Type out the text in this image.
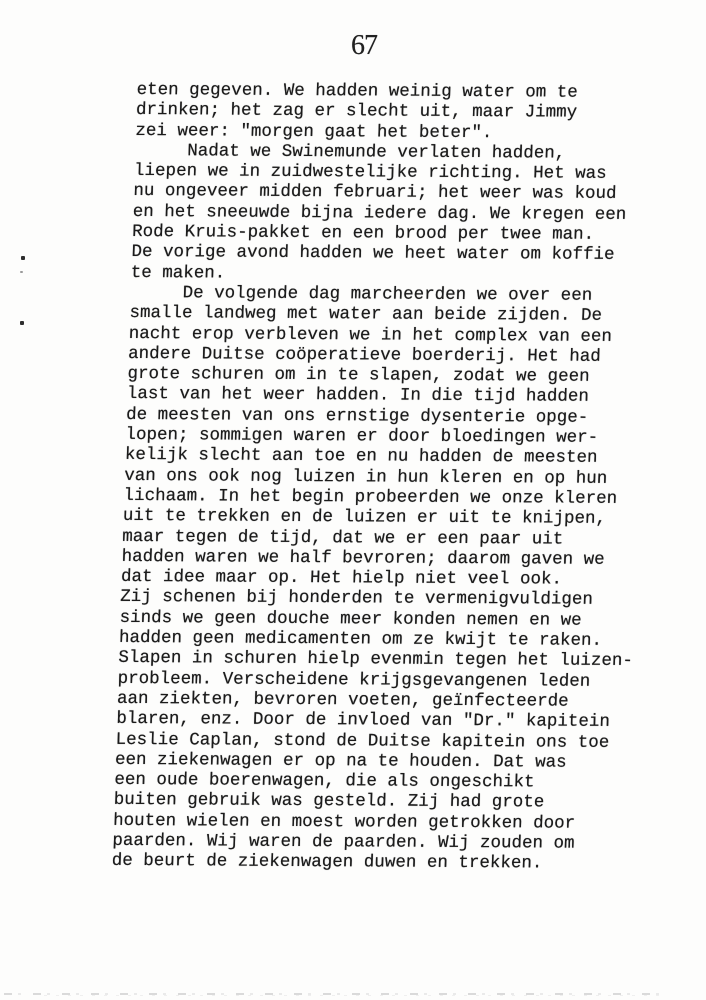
67

eten gegeven. We hadden weinig water om te
drinken; het zag er slecht uit, maar Jimmy
zei weer: "morgen gaat het beter".

Nadat we Swinemunde verlaten hadden,
liepen we in zuidwestelijke richting. Het was
nu ongeveer midden februari; het weer was koud
en het sneeuwde bijna iedere dag. We kregen een
Rode Kruis-pakket en een brood per twee man.
De vorige avond hadden we heet water om koffie
te maken.

De volgende dag marcheerden we over een
smalle landweg met water aan beide zijden. De
nacht erop verbleven we in het complex van een
andere Duitse coöperatieve boerderij. Het had
grote schuren om in te slapen, zodat we geen
last van het weer hadden. In die tijd hadden
de meesten van ons ernstige dysenterie opge-
lopen; sommigen waren er door bloedingen wer-
kelijk slecht aan toe en nu hadden de meesten
van ons ook nog luizen in hun kleren en op hun
lichaam. In het begin probeerden we onze kleren
uit te trekken en de luizen er uit te knijpen,
maar tegen de tijd, dat we er een paar uit
hadden waren we half bevroren; daarom gaven we
dat idee maar op. Het hielp niet veel ook.
Zij schenen bij honderden te vermenigvuldigen
sinds we geen douche meer konden nemen en we
hadden geen medicamenten om ze kwijt te raken.
Slapen in schuren hielp evenmin tegen het luizen-
probleem. Verscheidene krijgsgevangenen leden
aan ziekten, bevroren voeten, geïnfecteerde
blaren, enz. Door de invloed van "Dr." kapitein
Leslie Caplan, stond de Duitse kapitein ons toe
een ziekenwagen er op na te houden. Dat was
een oude boerenwagen, die als ongeschikt
buiten gebruik was gesteld. Zij had grote
houten wielen en moest worden getrokken door
paarden. Wij waren de paarden. Wij zouden om
de beurt de ziekenwagen duwen en trekken.
